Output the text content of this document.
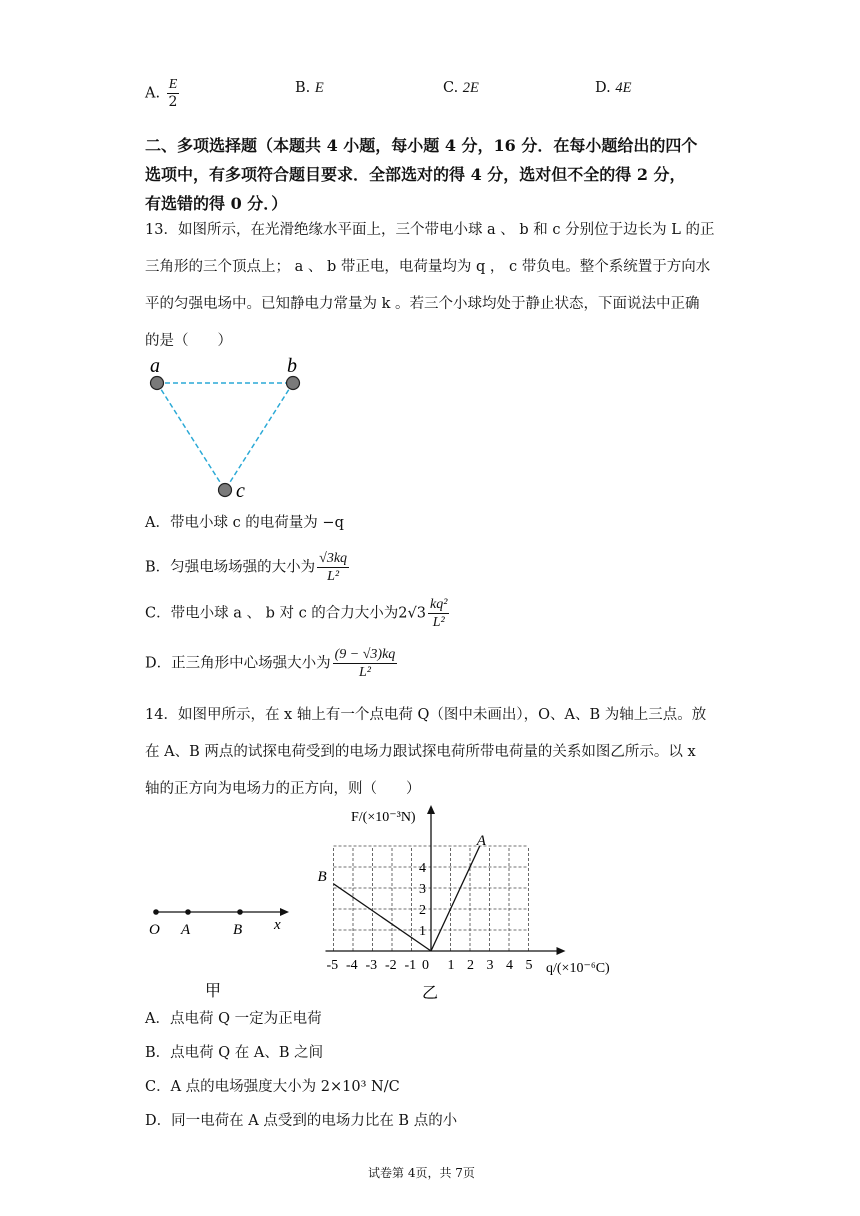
A. $\frac{E}{2}$	B. E	C. 2E	D. 4E
二、多项选择题（本题共 4 小题，每小题 4 分，16 分．在每小题给出的四个
选项中，有多项符合题目要求．全部选对的得 4 分，选对但不全的得 2 分，
有选错的得 0 分．）
13．如图所示，在光滑绝缘水平面上，三个带电小球 a 、 b 和 c 分别位于边长为 L 的正
三角形的三个顶点上； a 、 b 带正电，电荷量均为 q ， c 带负电。整个系统置于方向水
平的匀强电场中。已知静电力常量为 k 。若三个小球均处于静止状态，下面说法中正确
的是（　　）
a	b
c
A．带电小球 c 的电荷量为 −q
B．匀强电场场强的大小为 $\frac{√3kq}{\text{L²}}$
C．带电小球 a 、 b 对 c 的合力大小为$2√3 \frac{\text{kq²}}{\text{L²}}$
D．正三角形中心场强大小为 $\frac{(9 - √3)kq}{\text{L²}}$
14．如图甲所示，在 x 轴上有一个点电荷 Q（图中未画出），O、A、B 为轴上三点。放
在 A、B 两点的试探电荷受到的电场力跟试探电荷所带电荷量的关系如图乙所示。以 x
轴的正方向为电场力的正方向，则（　　）
O A	B x
甲
A
B
-5 -4 -3 -2 -1 0 1 2 3 4 5
1
2
3
4
F/(×10⁻³N)
q/(×10⁻⁶C)
乙
A．点电荷 Q 一定为正电荷
B．点电荷 Q 在 A、B 之间
C．A 点的电场强度大小为 2×10³ N/C
D．同一电荷在 A 点受到的电场力比在 B 点的小
试卷第 4页，共 7页
